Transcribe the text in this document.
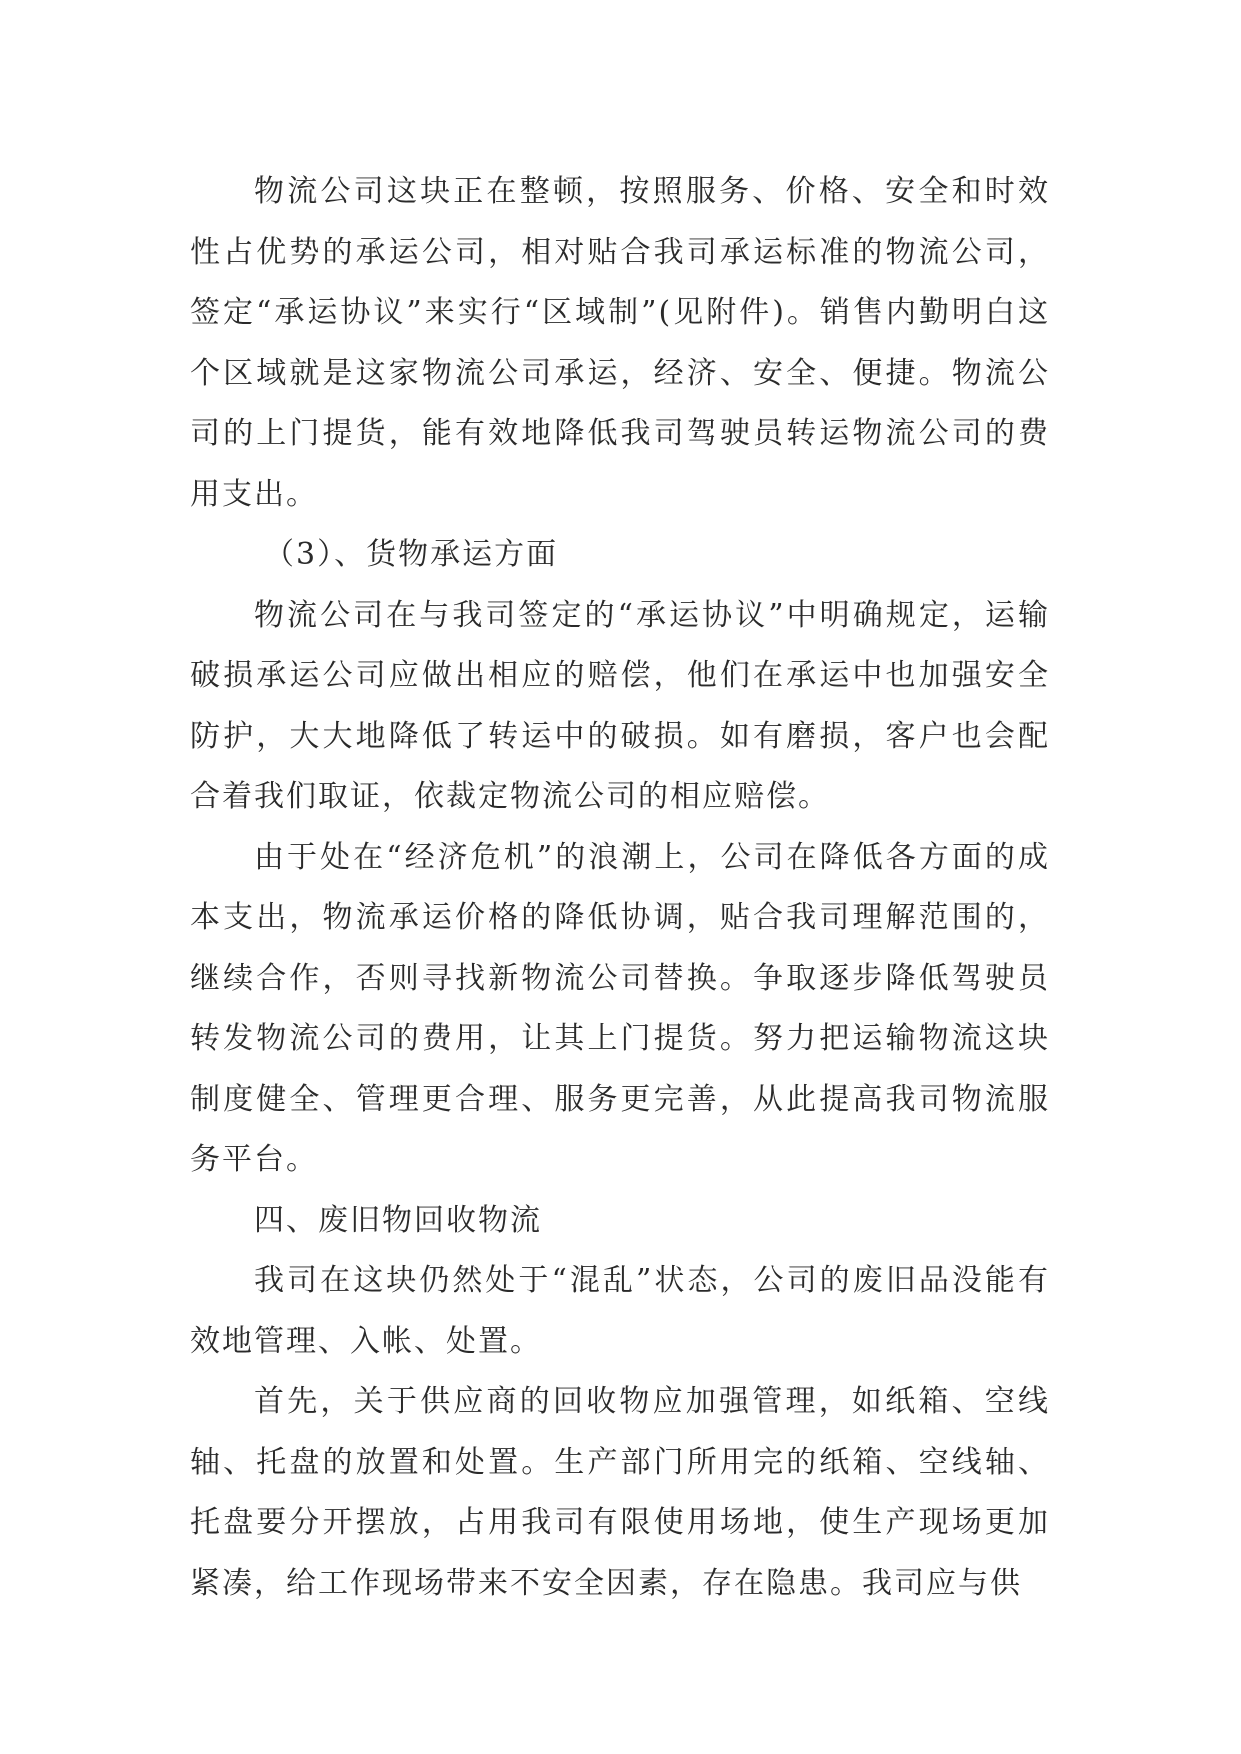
物流公司这块正在整顿，按照服务、价格、安全和时效性占优势的承运公司，相对贴合我司承运标准的物流公司，签定“承运协议”来实行“区域制”(见附件)。销售内勤明白这个区域就是这家物流公司承运，经济、安全、便捷。物流公司的上门提货，能有效地降低我司驾驶员转运物流公司的费用支出。

（3）、货物承运方面

物流公司在与我司签定的“承运协议”中明确规定，运输破损承运公司应做出相应的赔偿，他们在承运中也加强安全防护，大大地降低了转运中的破损。如有磨损，客户也会配合着我们取证，依裁定物流公司的相应赔偿。

由于处在“经济危机”的浪潮上，公司在降低各方面的成本支出，物流承运价格的降低协调，贴合我司理解范围的，继续合作，否则寻找新物流公司替换。争取逐步降低驾驶员转发物流公司的费用，让其上门提货。努力把运输物流这块制度健全、管理更合理、服务更完善，从此提高我司物流服务平台。

四、废旧物回收物流

我司在这块仍然处于“混乱”状态，公司的废旧品没能有效地管理、入帐、处置。

首先，关于供应商的回收物应加强管理，如纸箱、空线轴、托盘的放置和处置。生产部门所用完的纸箱、空线轴、托盘要分开摆放，占用我司有限使用场地，使生产现场更加紧凑，给工作现场带来不安全因素，存在隐患。我司应与供
